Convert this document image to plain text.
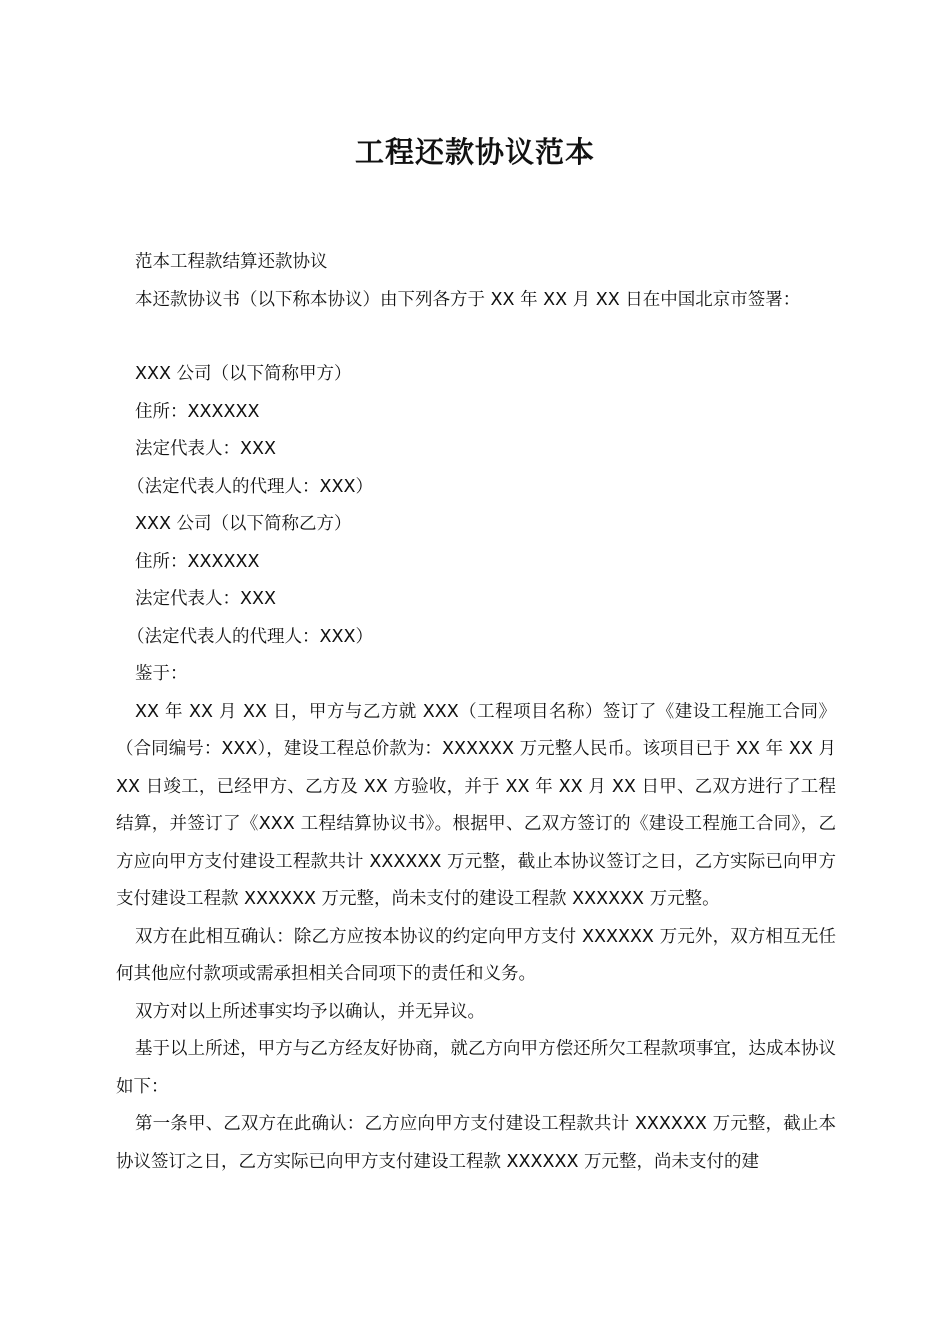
工程还款协议范本

范本工程款结算还款协议

本还款协议书（以下称本协议）由下列各方于 XX 年 XX 月 XX 日在中国北京市签署：

XXX 公司（以下简称甲方）

住所：XXXXXX

法定代表人：XXX

（法定代表人的代理人：XXX）

XXX 公司（以下简称乙方）

住所：XXXXXX

法定代表人：XXX

（法定代表人的代理人：XXX）

鉴于：

XX 年 XX 月 XX 日，甲方与乙方就 XXX（工程项目名称）签订了《建设工程施工合同》（合同编号：XXX），建设工程总价款为：XXXXXX 万元整人民币。该项目已于 XX 年 XX 月 XX 日竣工，已经甲方、乙方及 XX 方验收，并于 XX 年 XX 月 XX 日甲、乙双方进行了工程结算，并签订了《XXX 工程结算协议书》。根据甲、乙双方签订的《建设工程施工合同》，乙方应向甲方支付建设工程款共计 XXXXXX 万元整，截止本协议签订之日，乙方实际已向甲方支付建设工程款 XXXXXX 万元整，尚未支付的建设工程款 XXXXXX 万元整。

双方在此相互确认：除乙方应按本协议的约定向甲方支付 XXXXXX 万元外，双方相互无任何其他应付款项或需承担相关合同项下的责任和义务。

双方对以上所述事实均予以确认，并无异议。

基于以上所述，甲方与乙方经友好协商，就乙方向甲方偿还所欠工程款项事宜，达成本协议如下：

第一条甲、乙双方在此确认：乙方应向甲方支付建设工程款共计 XXXXXX 万元整，截止本协议签订之日，乙方实际已向甲方支付建设工程款 XXXXXX 万元整，尚未支付的建
